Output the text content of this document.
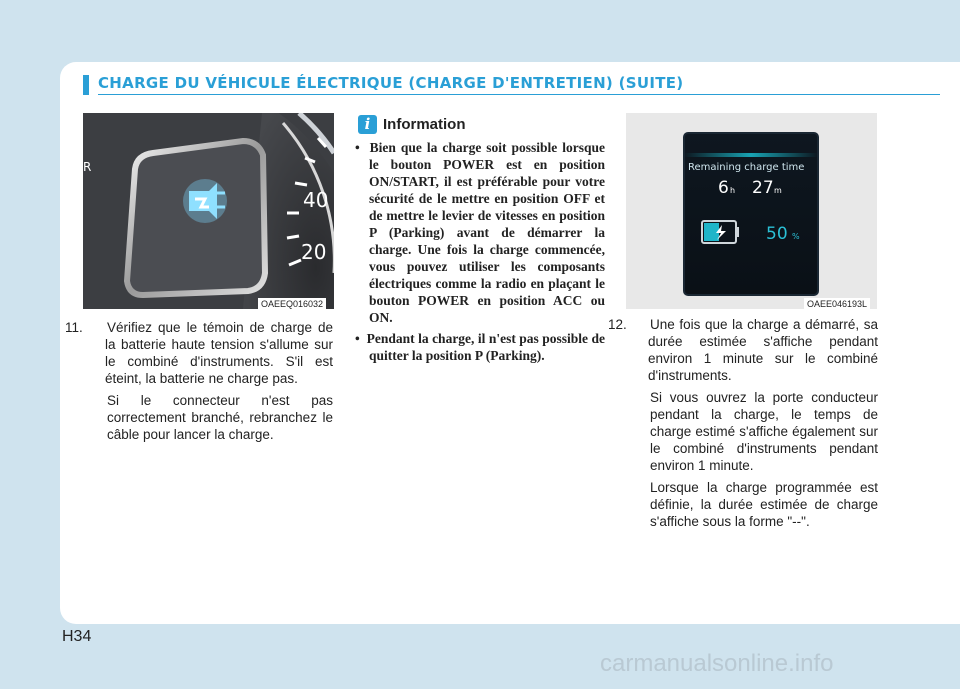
CHARGE DU VÉHICULE ÉLECTRIQUE (CHARGE D'ENTRETIEN) (SUITE)
40
20
R
OAEEQ016032

11. Vérifiez que le témoin de charge de la batterie haute tension s'allume sur le combiné d'instruments. S'il est éteint, la batterie ne charge pas.

Si le connecteur n'est pas correctement branché, rebranchez le câble pour lancer la charge.

i Information

•  Bien que la charge soit possible lorsque le bouton POWER est en position ON/START, il est préférable pour votre sécurité de le mettre en position OFF et de mettre le levier de vitesses en position P (Parking) avant de démarrer la charge. Une fois la charge commencée, vous pouvez utiliser les composants électriques comme la radio en plaçant le bouton POWER en position ACC ou ON.

•  Pendant la charge, il n'est pas possible de quitter la position P (Parking).

Remaining charge time
6 h 27 m
50 %
OAEE046193L

12. Une fois que la charge a démarré, sa durée estimée s'affiche pendant environ 1 minute sur le combiné d'instruments.

Si vous ouvrez la porte conducteur pendant la charge, le temps de charge estimé s'affiche également sur le combiné d'instruments pendant environ 1 minute.

Lorsque la charge programmée est définie, la durée estimée de charge s'affiche sous la forme "--".

H34
carmanualsonline.info
